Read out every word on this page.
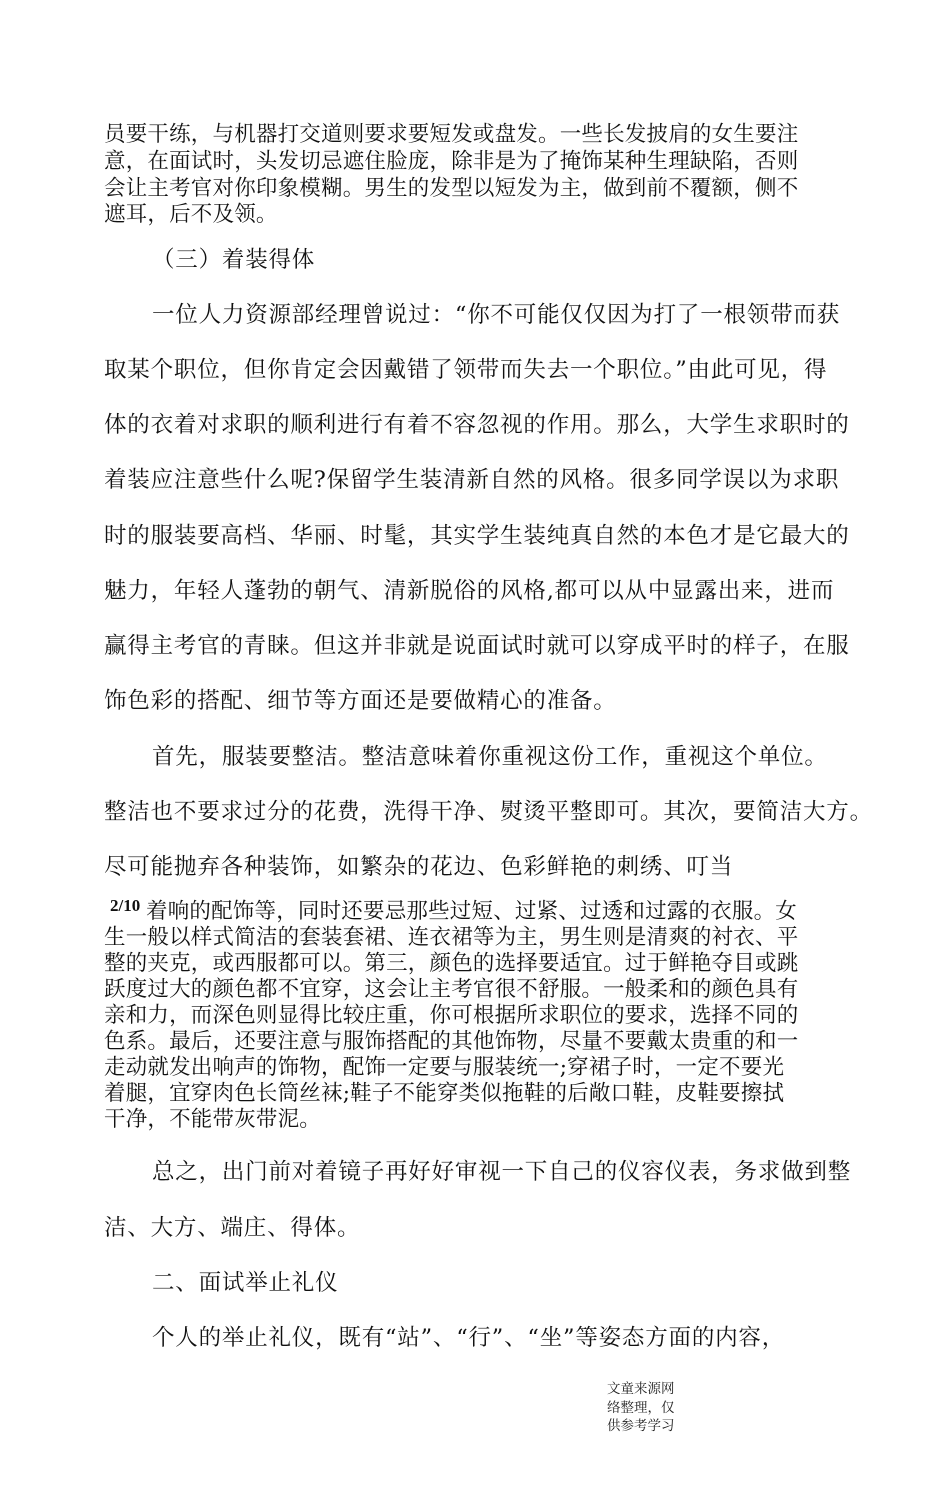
员要干练，与机器打交道则要求要短发或盘发。一些长发披肩的女生要注
意，在面试时，头发切忌遮住脸庞，除非是为了掩饰某种生理缺陷，否则
会让主考官对你印象模糊。男生的发型以短发为主，做到前不覆额，侧不
遮耳，后不及领。
（三）着装得体
一位人力资源部经理曾说过：“你不可能仅仅因为打了一根领带而获
取某个职位，但你肯定会因戴错了领带而失去一个职位。”由此可见，得
体的衣着对求职的顺利进行有着不容忽视的作用。那么，大学生求职时的
着装应注意些什么呢?保留学生装清新自然的风格。很多同学误以为求职
时的服装要高档、华丽、时髦，其实学生装纯真自然的本色才是它最大的
魅力，年轻人蓬勃的朝气、清新脱俗的风格,都可以从中显露出来，进而
赢得主考官的青睐。但这并非就是说面试时就可以穿成平时的样子，在服
饰色彩的搭配、细节等方面还是要做精心的准备。
首先，服装要整洁。整洁意味着你重视这份工作，重视这个单位。
整洁也不要求过分的花费，洗得干净、熨烫平整即可。其次，要简洁大方。
尽可能抛弃各种装饰，如繁杂的花边、色彩鲜艳的刺绣、叮当
2/10 着响的配饰等，同时还要忌那些过短、过紧、过透和过露的衣服。女
生一般以样式简洁的套装套裙、连衣裙等为主，男生则是清爽的衬衣、平
整的夹克，或西服都可以。第三，颜色的选择要适宜。过于鲜艳夺目或跳
跃度过大的颜色都不宜穿，这会让主考官很不舒服。一般柔和的颜色具有
亲和力，而深色则显得比较庄重，你可根据所求职位的要求，选择不同的
色系。最后，还要注意与服饰搭配的其他饰物，尽量不要戴太贵重的和一
走动就发出响声的饰物，配饰一定要与服装统一;穿裙子时，一定不要光
着腿，宜穿肉色长筒丝袜;鞋子不能穿类似拖鞋的后敞口鞋，皮鞋要擦拭
干净，不能带灰带泥。
总之，出门前对着镜子再好好审视一下自己的仪容仪表，务求做到整
洁、大方、端庄、得体。
二、面试举止礼仪
个人的举止礼仪，既有“站”、“行”、“坐”等姿态方面的内容，
文童来源网络整理，仅供参考学习
